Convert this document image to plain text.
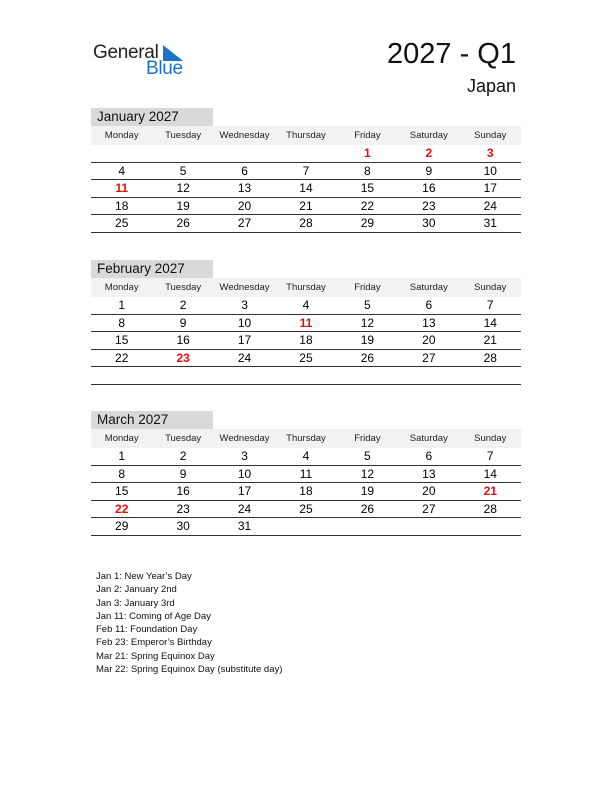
General
Blue	2027 - Q1
Japan
January 2027
Monday	Tuesday	Wednesday	Thursday	Friday	Saturday	Sunday
				1	2	3
4	5	6	7	8	9	10
11	12	13	14	15	16	17
18	19	20	21	22	23	24
25	26	27	28	29	30	31
February 2027
Monday	Tuesday	Wednesday	Thursday	Friday	Saturday	Sunday
1	2	3	4	5	6	7
8	9	10	11	12	13	14
15	16	17	18	19	20	21
22	23	24	25	26	27	28

March 2027
Monday	Tuesday	Wednesday	Thursday	Friday	Saturday	Sunday
1	2	3	4	5	6	7
8	9	10	11	12	13	14
15	16	17	18	19	20	21
22	23	24	25	26	27	28
29	30	31				
Jan 1: New Year’s Day
Jan 2: January 2nd
Jan 3: January 3rd
Jan 11: Coming of Age Day
Feb 11: Foundation Day
Feb 23: Emperor’s Birthday
Mar 21: Spring Equinox Day
Mar 22: Spring Equinox Day (substitute day)
